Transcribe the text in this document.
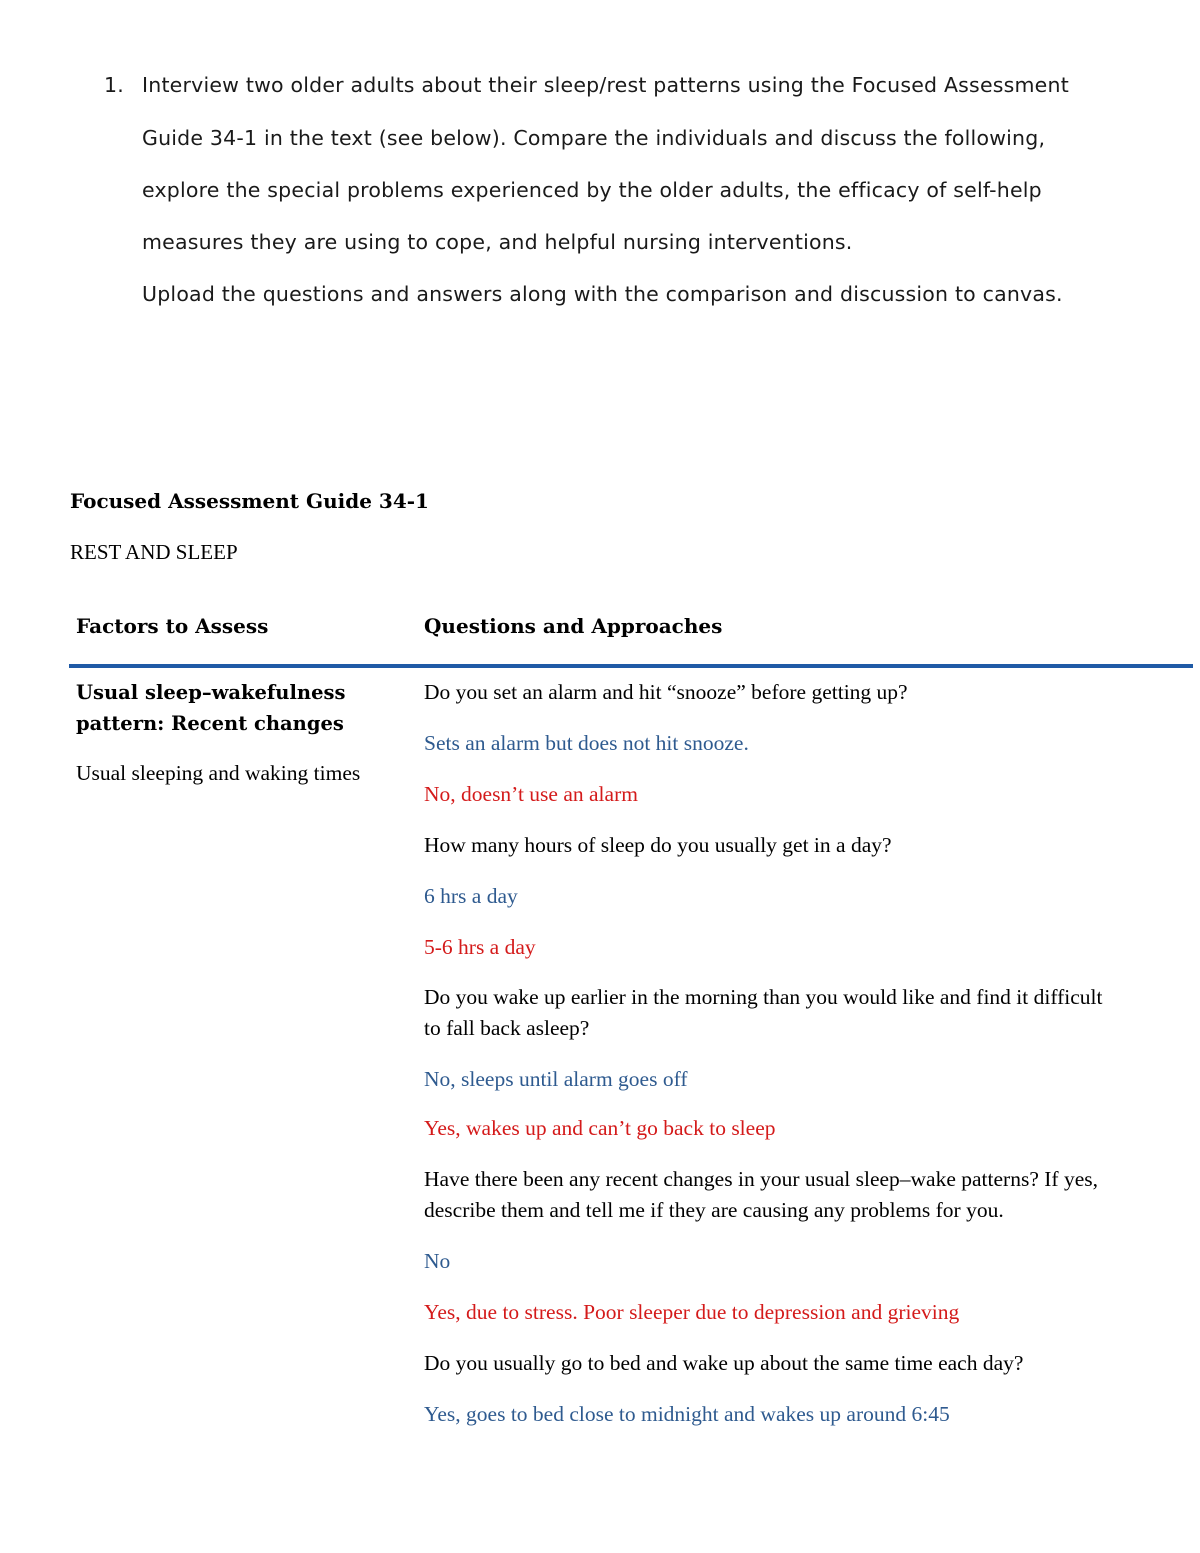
1. Interview two older adults about their sleep/rest patterns using the Focused Assessment
Guide 34-1 in the text (see below). Compare the individuals and discuss the following,
explore the special problems experienced by the older adults, the efficacy of self-help
measures they are using to cope, and helpful nursing interventions.
Upload the questions and answers along with the comparison and discussion to canvas.
Focused Assessment Guide 34-1
REST AND SLEEP
Factors to Assess	Questions and Approaches

Usual sleep–wakefulness
pattern: Recent changes

Usual sleeping and waking times

Do you set an alarm and hit “snooze” before getting up?

Sets an alarm but does not hit snooze.

No, doesn’t use an alarm

How many hours of sleep do you usually get in a day?

6 hrs a day

5-6 hrs a day

Do you wake up earlier in the morning than you would like and find it difficult
to fall back asleep?

No, sleeps until alarm goes off

Yes, wakes up and can’t go back to sleep

Have there been any recent changes in your usual sleep–wake patterns? If yes,
describe them and tell me if they are causing any problems for you.

No

Yes, due to stress. Poor sleeper due to depression and grieving

Do you usually go to bed and wake up about the same time each day?

Yes, goes to bed close to midnight and wakes up around 6:45
